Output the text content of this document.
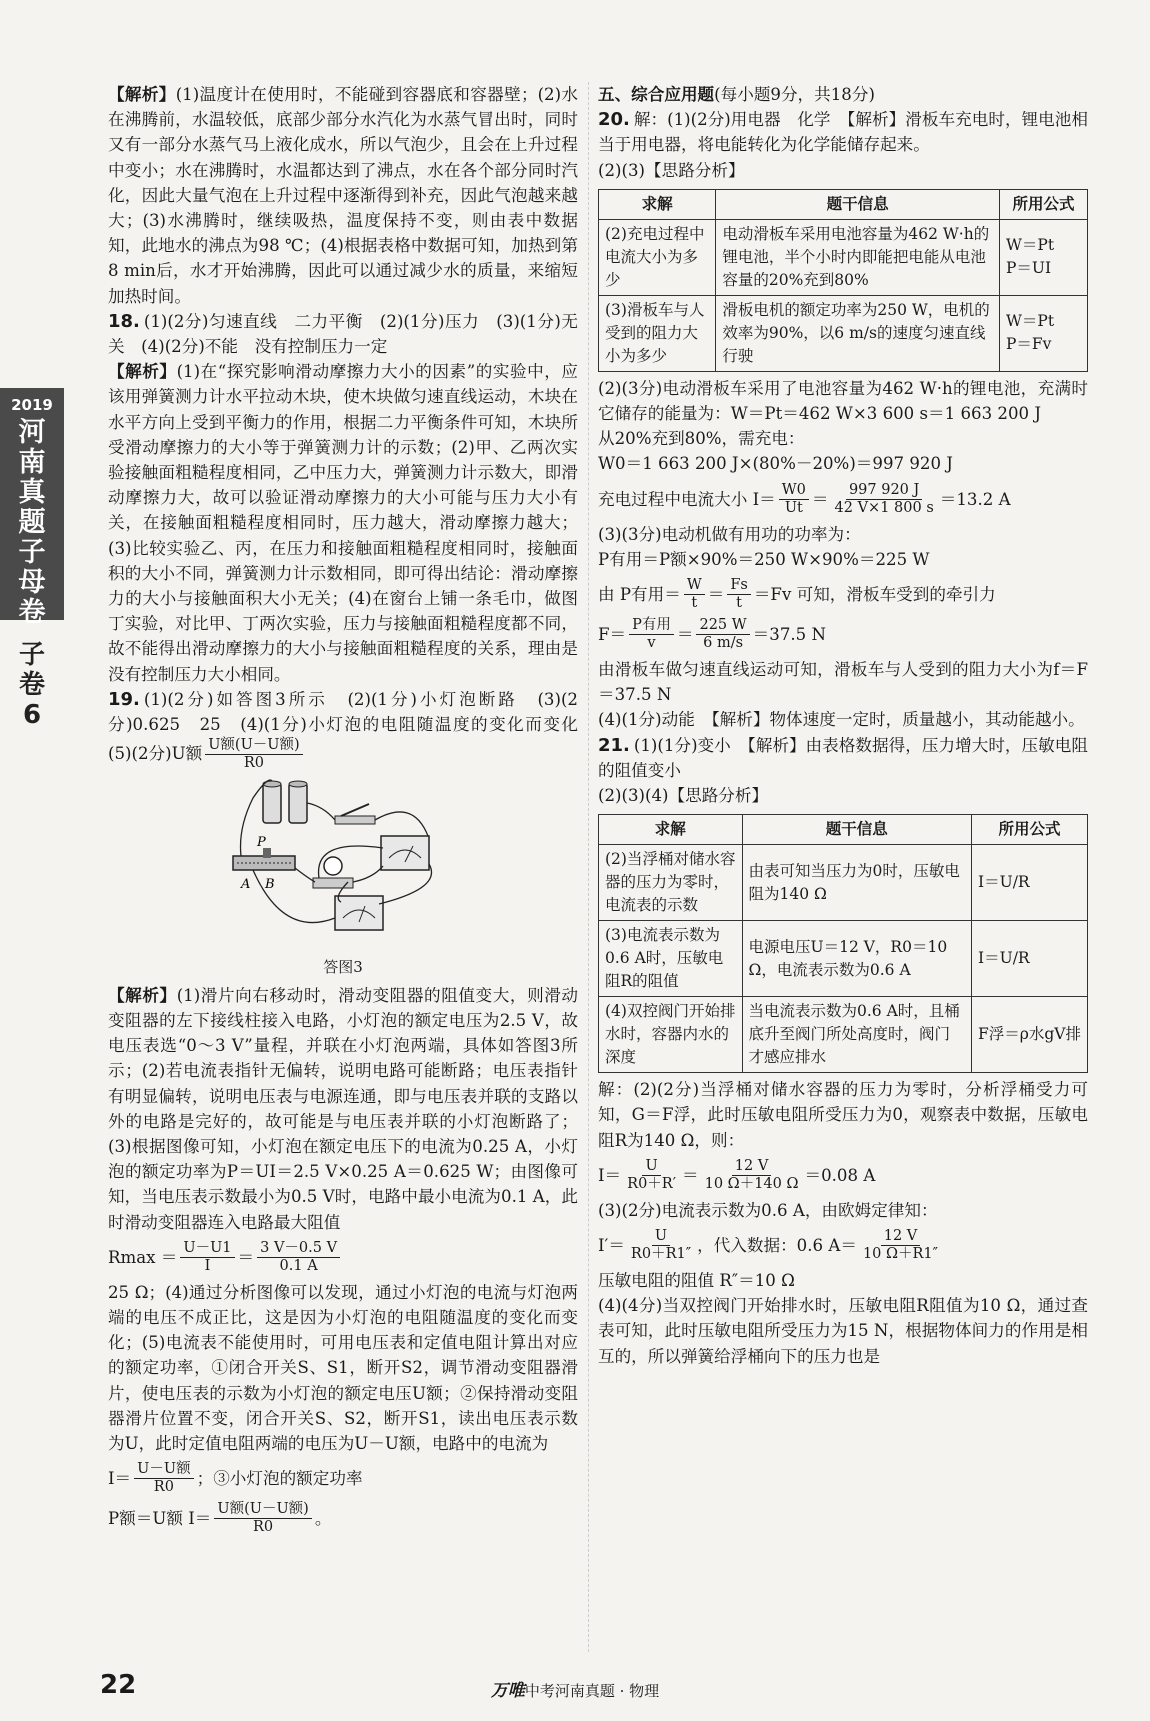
2019
河南真题子母卷
子
卷
6

【解析】(1)温度计在使用时，不能碰到容器底和容器壁；(2)水在沸腾前，水温较低，底部少部分水汽化为水蒸气冒出时，同时又有一部分水蒸气马上液化成水，所以气泡少，且会在上升过程中变小；水在沸腾时，水温都达到了沸点，水在各个部分同时汽化，因此大量气泡在上升过程中逐渐得到补充，因此气泡越来越大；(3)水沸腾时，继续吸热，温度保持不变，则由表中数据知，此地水的沸点为98 ℃；(4)根据表格中数据可知，加热到第8 min后，水才开始沸腾，因此可以通过减少水的质量，来缩短加热时间。

18. (1)(2分)匀速直线　二力平衡　(2)(1分)压力　(3)(1分)无关　(4)(2分)不能　没有控制压力一定

【解析】(1)在“探究影响滑动摩擦力大小的因素”的实验中，应该用弹簧测力计水平拉动木块，使木块做匀速直线运动，木块在水平方向上受到平衡力的作用，根据二力平衡条件可知，木块所受滑动摩擦力的大小等于弹簧测力计的示数；(2)甲、乙两次实验接触面粗糙程度相同，乙中压力大，弹簧测力计示数大，即滑动摩擦力大，故可以验证滑动摩擦力的大小可能与压力大小有关，在接触面粗糙程度相同时，压力越大，滑动摩擦力越大；(3)比较实验乙、丙，在压力和接触面粗糙程度相同时，接触面积的大小不同，弹簧测力计示数相同，即可得出结论：滑动摩擦力的大小与接触面积大小无关；(4)在窗台上铺一条毛巾，做图丁实验，对比甲、丁两次实验，压力与接触面粗糙程度都不同，故不能得出滑动摩擦力的大小与接触面粗糙程度的关系，理由是没有控制压力大小相同。

19. (1)(2分)如答图3所示　(2)(1分)小灯泡断路　(3)(2分)0.625　25　(4)(1分)小灯泡的电阻随温度的变化而变化　(5)(2分)U额 $\frac{\text{U额(U－U额)}}{R0}$

P
A B
答图3

【解析】(1)滑片向右移动时，滑动变阻器的阻值变大，则滑动变阻器的左下接线柱接入电路，小灯泡的额定电压为2.5 V，故电压表选“0～3 V”量程，并联在小灯泡两端，具体如答图3所示；(2)若电流表指针无偏转，说明电路可能断路；电压表指针有明显偏转，说明电压表与电源连通，即与电压表并联的支路以外的电路是完好的，故可能是与电压表并联的小灯泡断路了；(3)根据图像可知，小灯泡在额定电压下的电流为0.25 A，小灯泡的额定功率为P＝UI＝2.5 V×0.25 A＝0.625 W；由图像可知，当电压表示数最小为0.5 V时，电路中最小电流为0.1 A，此时滑动变阻器连入电路最大阻值

$Rmax = \frac{U-U1}{I} = \frac{3 V-0.5 V}{0.1 A}$

25 Ω；(4)通过分析图像可以发现，通过小灯泡的电流与灯泡两端的电压不成正比，这是因为小灯泡的电阻随温度的变化而变化；(5)电流表不能使用时，可用电压表和定值电阻计算出对应的额定功率，①闭合开关S、S1，断开S2，调节滑动变阻器滑片，使电压表的示数为小灯泡的额定电压U额；②保持滑动变阻器滑片位置不变，闭合开关S、S2，断开S1，读出电压表示数为U，此时定值电阻两端的电压为U－U额，电路中的电流为

$I= \frac{\text{U－U额}}{R0}$ ；③小灯泡的额定功率
P额＝U额 $I= \frac{\text{U额(U－U额)}}{R0}$ 。

五、综合应用题(每小题9分，共18分)

20. 解：(1)(2分)用电器　化学　【解析】滑板车充电时，锂电池相当于用电器，将电能转化为化学能储存起来。

(2)(3)【思路分析】

求解	题干信息	所用公式
(2)充电过程中电流大小为多少	电动滑板车采用电池容量为462 W·h的锂电池，半个小时内即能把电能从电池容量的20%充到80%	W＝Pt
P＝UI
(3)滑板车与人受到的阻力大小为多少	滑板电机的额定功率为250 W，电机的效率为90%，以6 m/s的速度匀速直线行驶	W＝Pt
P＝Fv

(2)(3分)电动滑板车采用了电池容量为462 W·h的锂电池，充满时它储存的能量为：W＝Pt＝462 W×3 600 s＝1 663 200 J

从20%充到80%，需充电：

W0＝1 663 200 J×(80%－20%)＝997 920 J

充电过程中电流大小 $I= \frac{W0}{Ut} = \frac{997 920 J}{42 V\times 1 800 s} =13.2$ A

(3)(3分)电动机做有用功的功率为：

P有用＝P额×90%＝250 W×90%＝225 W

由 P有用＝ $\frac{W}{t} = \frac{Fs}{t} =Fv$ 可知，滑板车受到的牵引力
$F= \frac{\text{P有用}}{v} = \frac{225 W}{6 m/s} =37.5$ N

由滑板车做匀速直线运动可知，滑板车与人受到的阻力大小为f＝F＝37.5 N

(4)(1分)动能　【解析】物体速度一定时，质量越小，其动能越小。

21. (1)(1分)变小　【解析】由表格数据得，压力增大时，压敏电阻的阻值变小

(2)(3)(4)【思路分析】

求解	题干信息	所用公式
(2)当浮桶对储水容器的压力为零时，电流表的示数	由表可知当压力为0时，压敏电阻为140 Ω	I＝U/R
(3)电流表示数为0.6 A时，压敏电阻R的阻值	电源电压U＝12 V，R0＝10 Ω，电流表示数为0.6 A	I＝U/R
(4)双控阀门开始排水时，容器内水的深度	当电流表示数为0.6 A时，且桶底升至阀门所处高度时，阀门才感应排水	F浮＝ρ水gV排

解：(2)(2分)当浮桶对储水容器的压力为零时，分析浮桶受力可知，G＝F浮，此时压敏电阻所受压力为0，观察表中数据，压敏电阻R为140 Ω，则：

$I= \frac{U}{R0+R'} = \frac{12 V}{10 \Omega+140 \Omega} =0.08$ A

(3)(2分)电流表示数为0.6 A，由欧姆定律知：

$I'= \frac{U}{R0+R1''}$ ，代入数据：0.6 $A= \frac{12 V}{10 \Omega+R1''}$

压敏电阻的阻值 R″＝10 Ω

(4)(4分)当双控阀门开始排水时，压敏电阻R阻值为10 Ω，通过查表可知，此时压敏电阻所受压力为15 N，根据物体间力的作用是相互的，所以弹簧给浮桶向下的压力也是

22	万唯中考河南真题 · 物理
